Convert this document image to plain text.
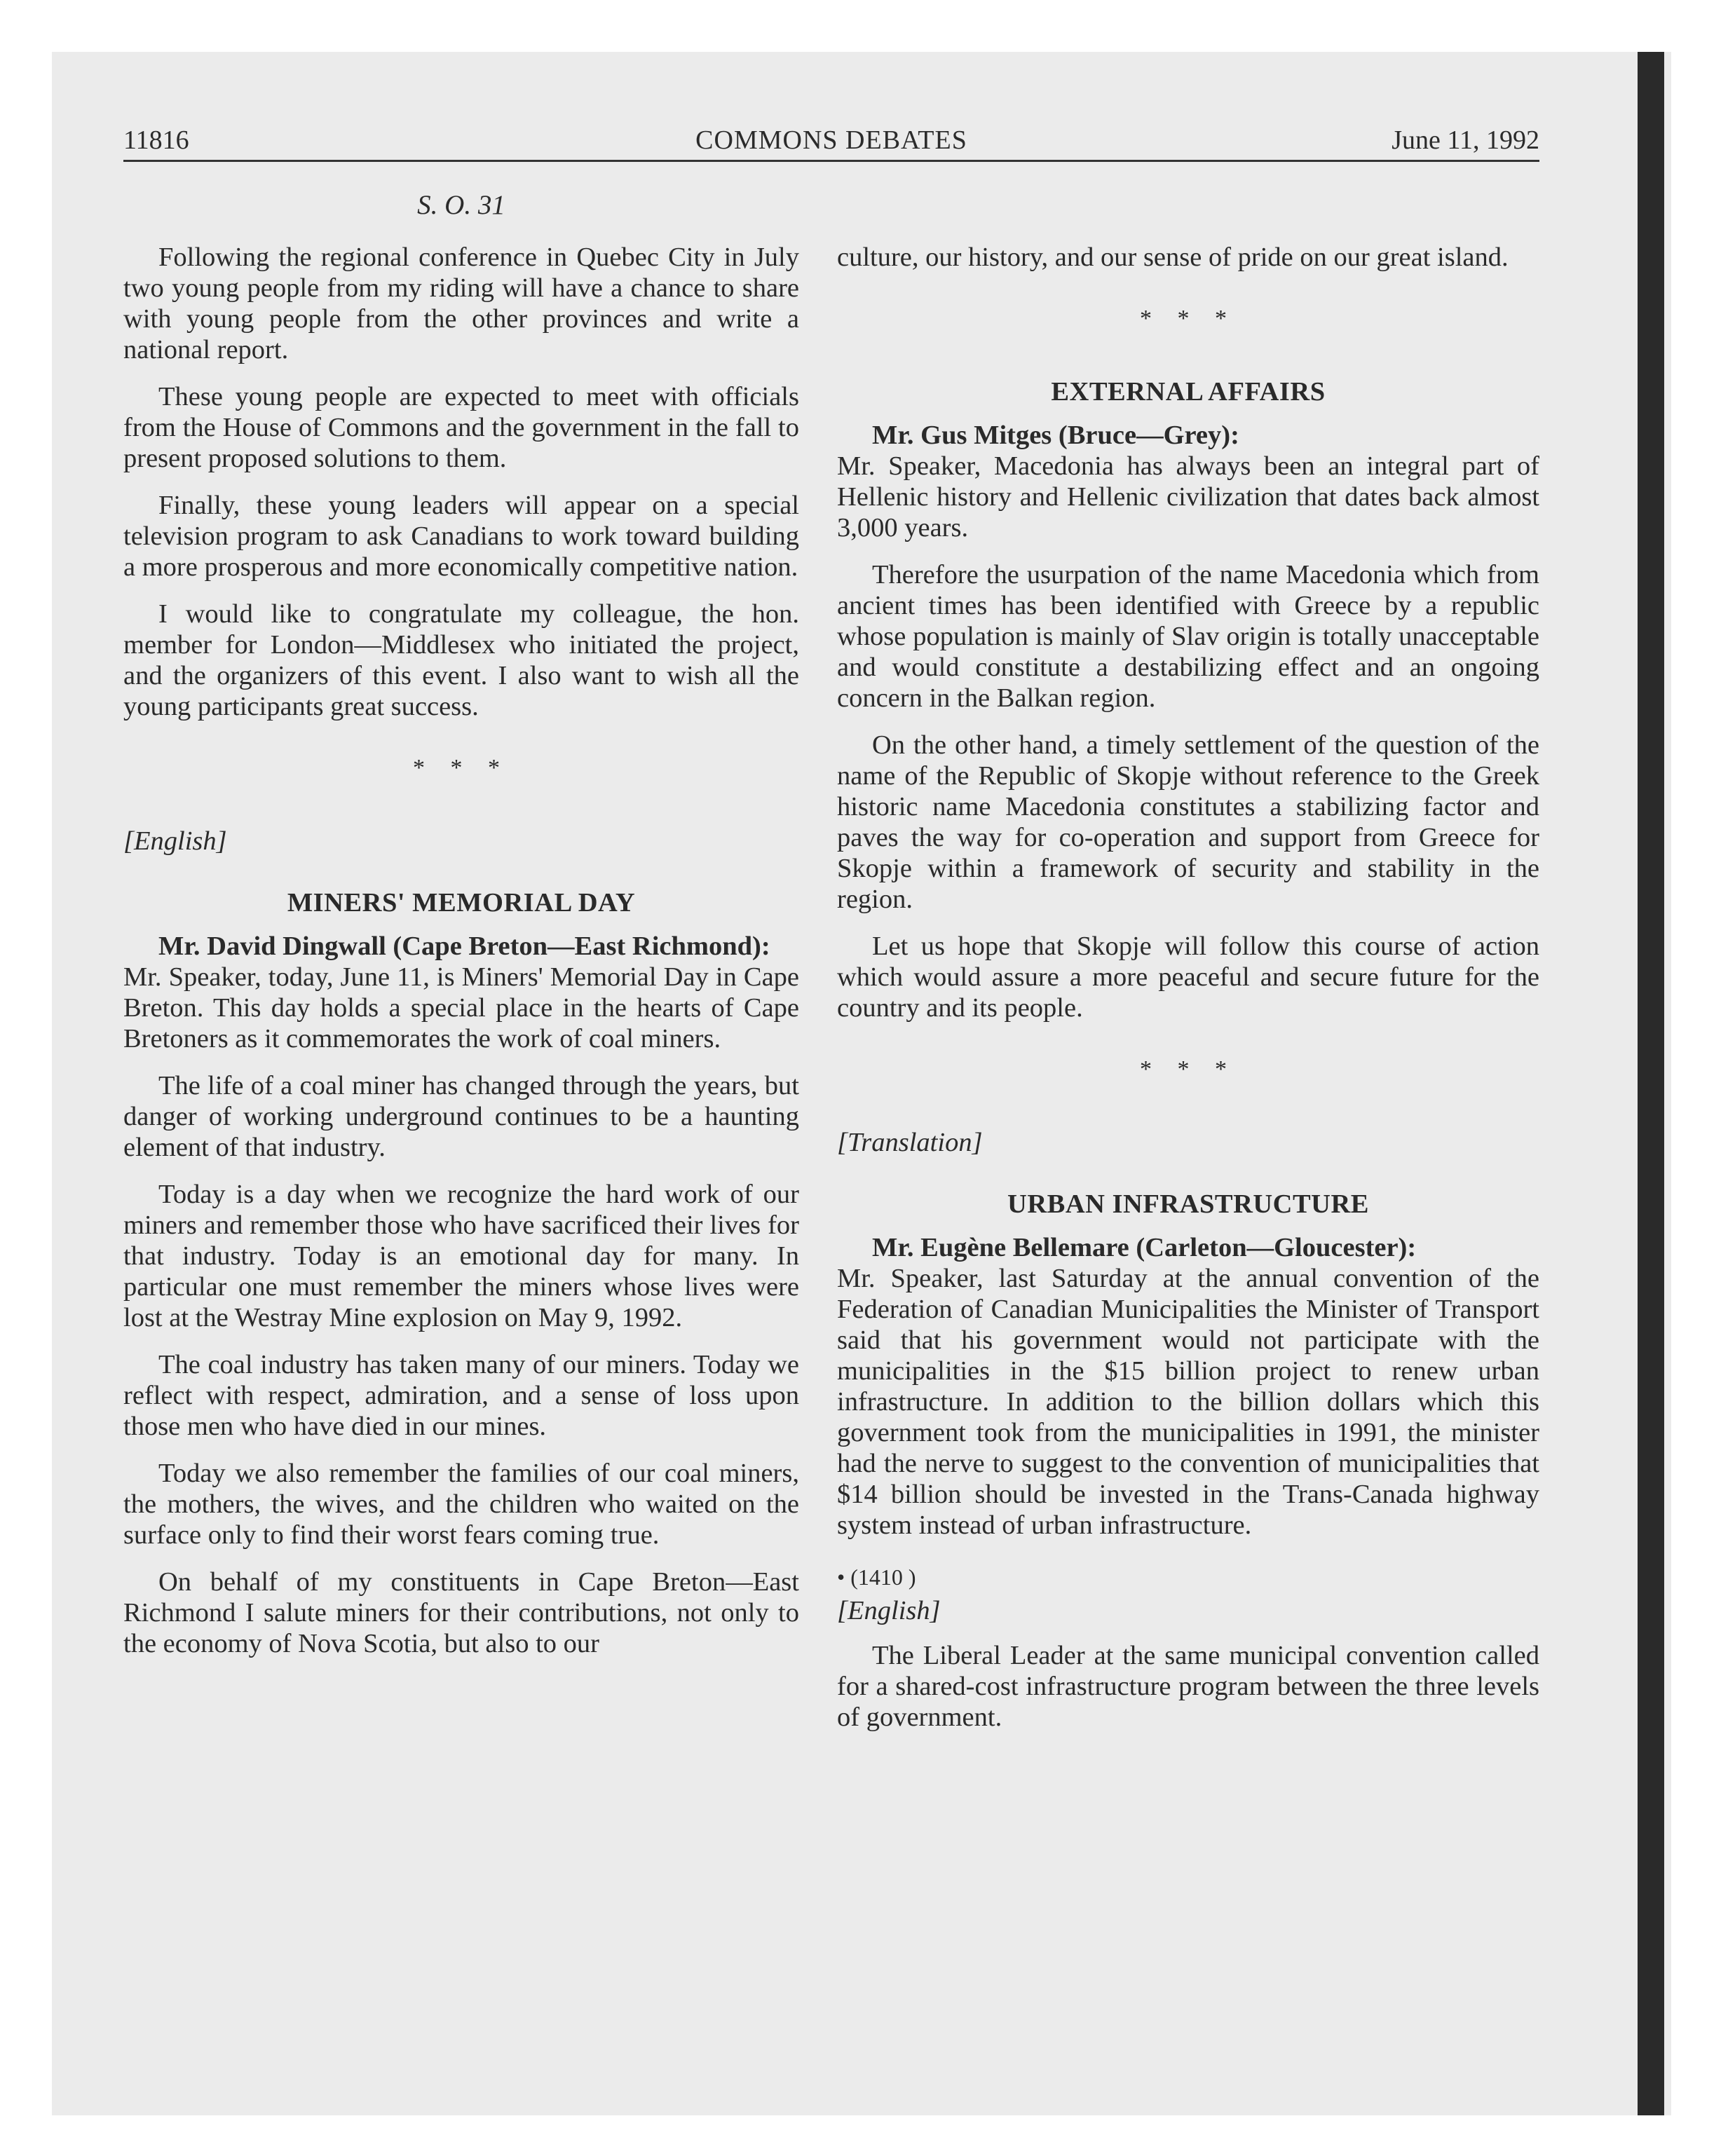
11816	COMMONS DEBATES	June 11, 1992
S. O. 31

Following the regional conference in Quebec City in July two young people from my riding will have a chance to share with young people from the other provinces and write a national report.

These young people are expected to meet with officials from the House of Commons and the government in the fall to present proposed solutions to them.

Finally, these young leaders will appear on a special television program to ask Canadians to work toward building a more prosperous and more economically competitive nation.

I would like to congratulate my colleague, the hon. member for London—Middlesex who initiated the project, and the organizers of this event. I also want to wish all the young participants great success.

* * *
[English]
MINERS' MEMORIAL DAY

Mr. David Dingwall (Cape Breton—East Richmond):

Mr. Speaker, today, June 11, is Miners' Memorial Day in Cape Breton. This day holds a special place in the hearts of Cape Bretoners as it commemorates the work of coal miners.

The life of a coal miner has changed through the years, but danger of working underground continues to be a haunting element of that industry.

Today is a day when we recognize the hard work of our miners and remember those who have sacrificed their lives for that industry. Today is an emotional day for many. In particular one must remember the miners whose lives were lost at the Westray Mine explosion on May 9, 1992.

The coal industry has taken many of our miners. Today we reflect with respect, admiration, and a sense of loss upon those men who have died in our mines.

Today we also remember the families of our coal miners, the mothers, the wives, and the children who waited on the surface only to find their worst fears coming true.

On behalf of my constituents in Cape Breton—East Richmond I salute miners for their contributions, not only to the economy of Nova Scotia, but also to our

culture, our history, and our sense of pride on our great island.

* * *
EXTERNAL AFFAIRS

Mr. Gus Mitges (Bruce—Grey):

Mr. Speaker, Macedonia has always been an integral part of Hellenic history and Hellenic civilization that dates back almost 3,000 years.

Therefore the usurpation of the name Macedonia which from ancient times has been identified with Greece by a republic whose population is mainly of Slav origin is totally unacceptable and would constitute a destabilizing effect and an ongoing concern in the Balkan region.

On the other hand, a timely settlement of the question of the name of the Republic of Skopje without reference to the Greek historic name Macedonia constitutes a stabilizing factor and paves the way for co-operation and support from Greece for Skopje within a framework of security and stability in the region.

Let us hope that Skopje will follow this course of action which would assure a more peaceful and secure future for the country and its people.

* * *
[Translation]
URBAN INFRASTRUCTURE

Mr. Eugène Bellemare (Carleton—Gloucester):

Mr. Speaker, last Saturday at the annual convention of the Federation of Canadian Municipalities the Minister of Transport said that his government would not participate with the municipalities in the $15 billion project to renew urban infrastructure. In addition to the billion dollars which this government took from the municipalities in 1991, the minister had the nerve to suggest to the convention of municipalities that $14 billion should be invested in the Trans-Canada highway system instead of urban infrastructure.

• (1410 )
[English]

The Liberal Leader at the same municipal convention called for a shared-cost infrastructure program between the three levels of government.
